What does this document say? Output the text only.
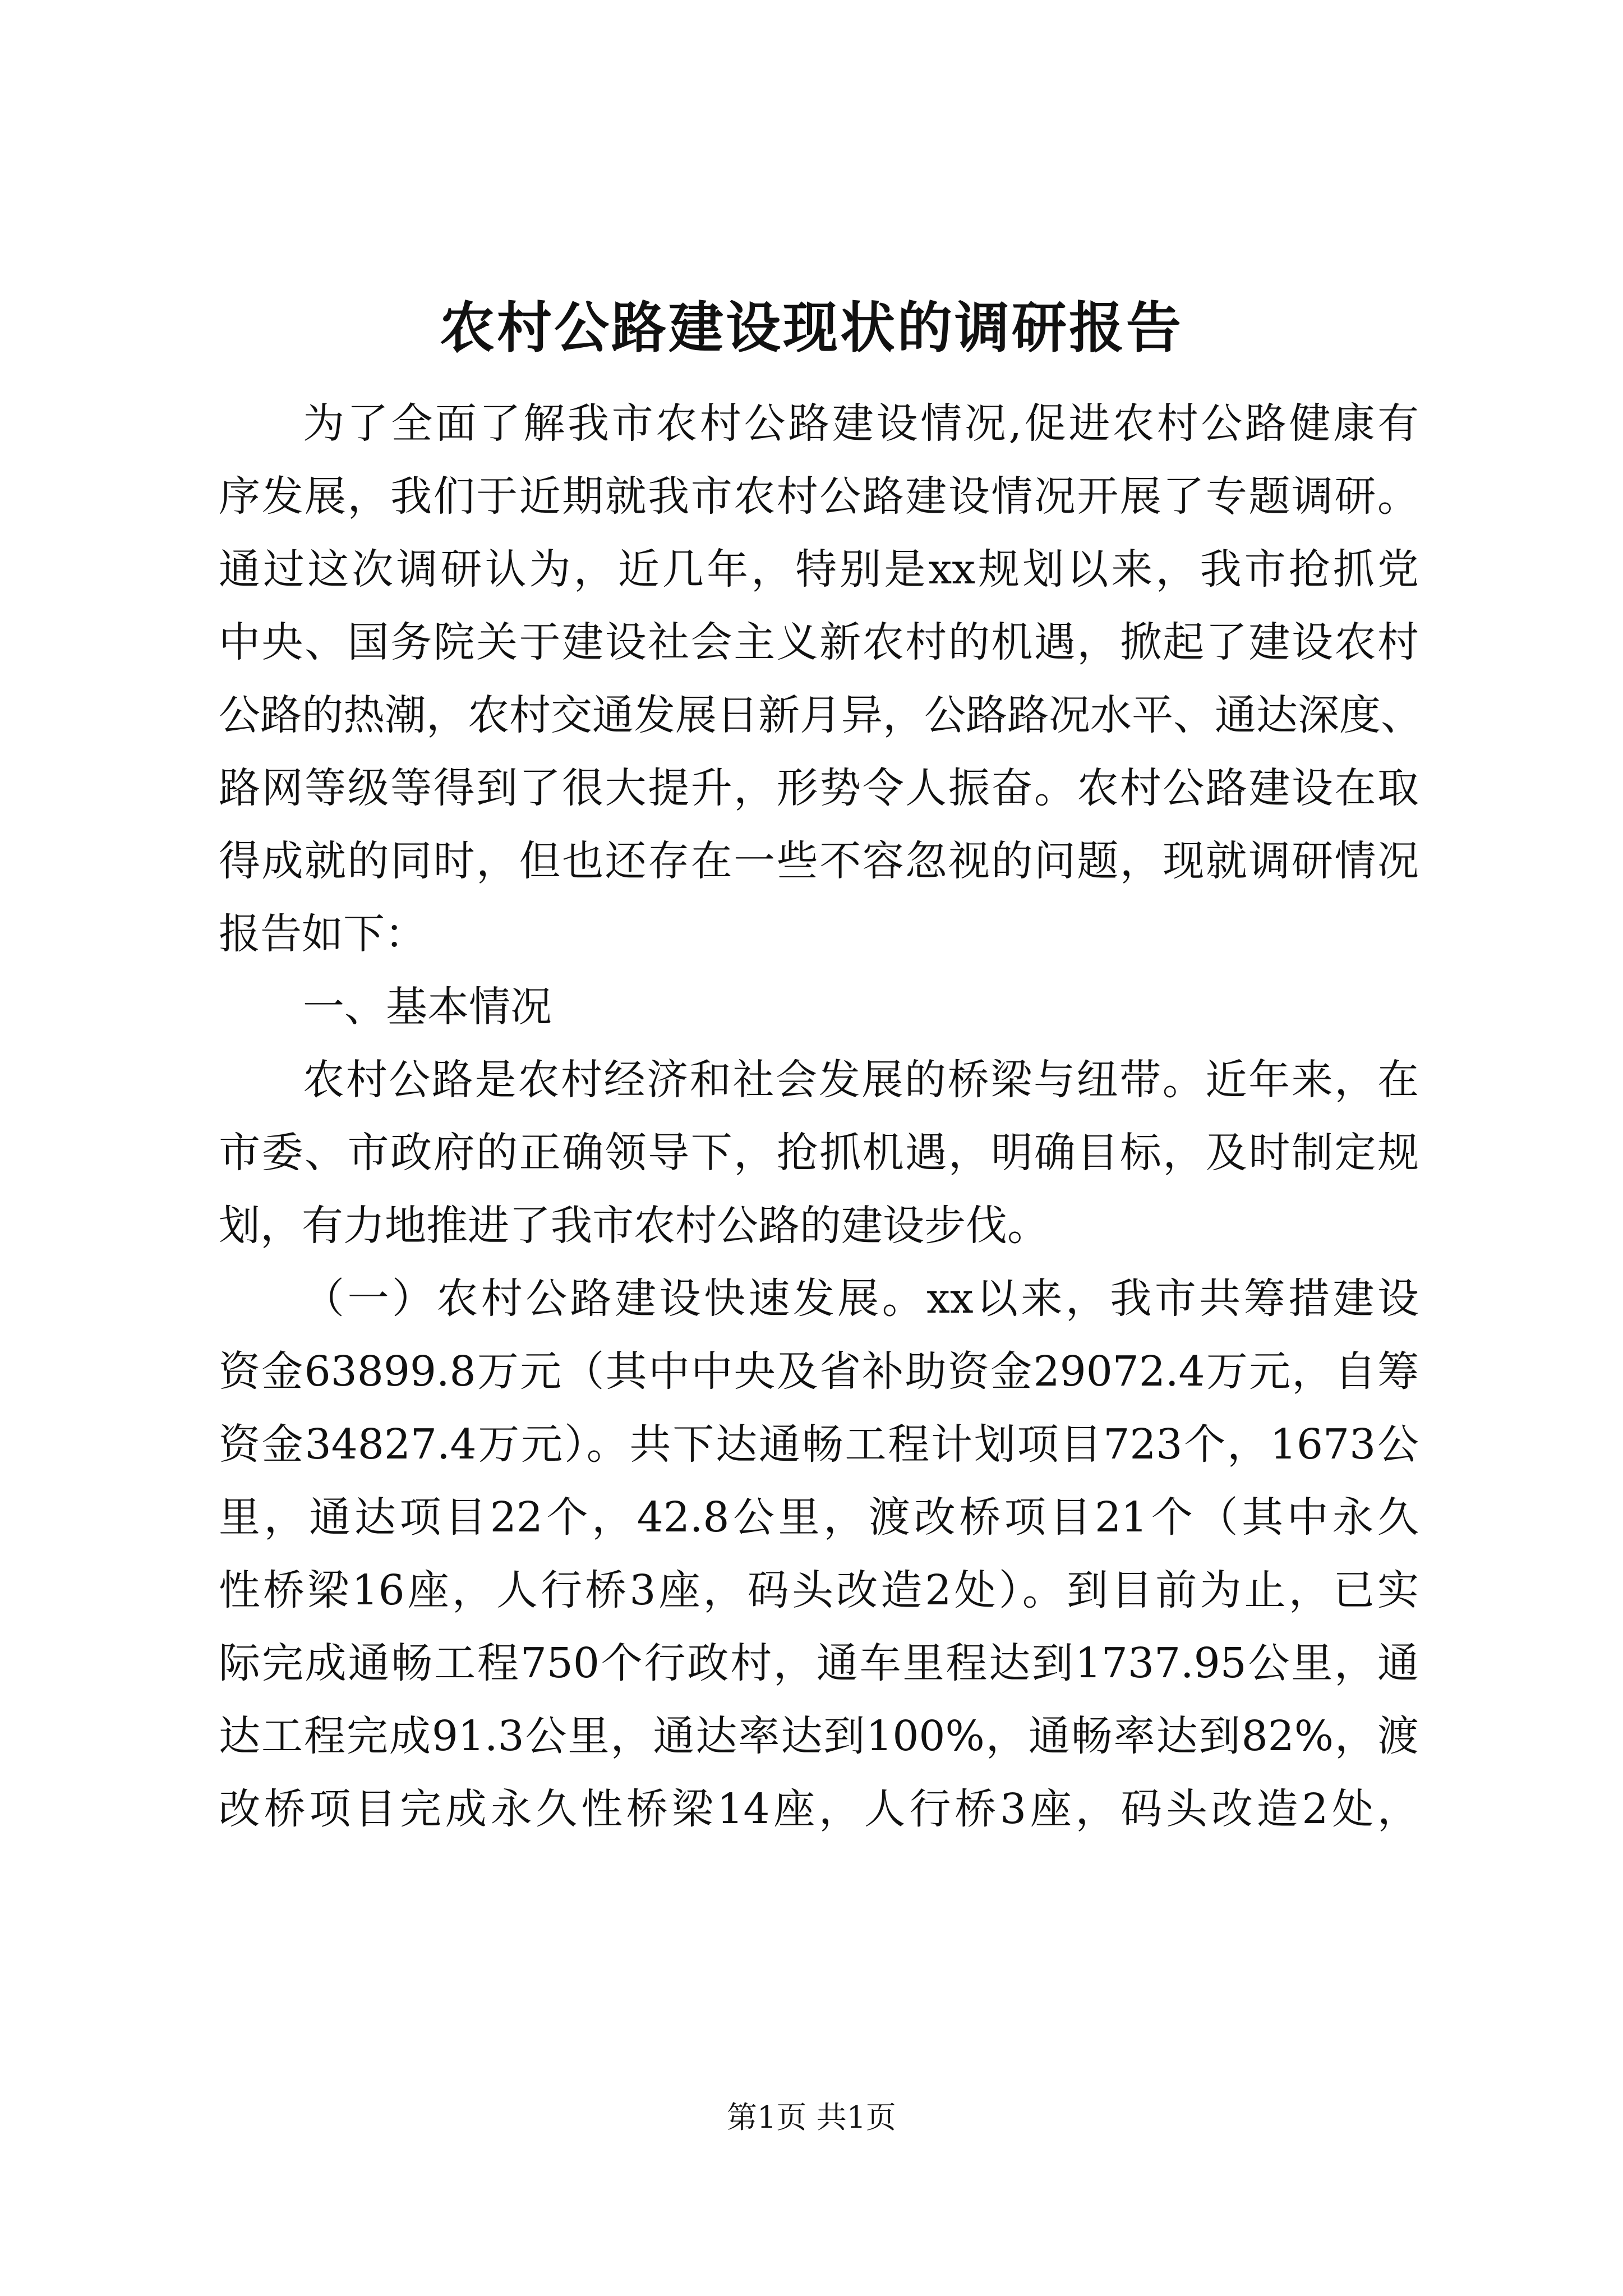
农村公路建设现状的调研报告
为了全面了解我市农村公路建设情况,促进农村公路健康有
序发展，我们于近期就我市农村公路建设情况开展了专题调研。
通过这次调研认为，近几年，特别是xx规划以来，我市抢抓党
中央、国务院关于建设社会主义新农村的机遇，掀起了建设农村
公路的热潮，农村交通发展日新月异，公路路况水平、通达深度、
路网等级等得到了很大提升，形势令人振奋。农村公路建设在取
得成就的同时，但也还存在一些不容忽视的问题，现就调研情况
报告如下：
一、基本情况
农村公路是农村经济和社会发展的桥梁与纽带。近年来，在
市委、市政府的正确领导下，抢抓机遇，明确目标，及时制定规
划，有力地推进了我市农村公路的建设步伐。
（一）农村公路建设快速发展。xx以来，我市共筹措建设
资金63899.8万元（其中中央及省补助资金29072.4万元，自筹
资金34827.4万元）。共下达通畅工程计划项目723个，1673公
里，通达项目22个，42.8公里，渡改桥项目21个（其中永久
性桥梁16座，人行桥3座，码头改造2处）。到目前为止，已实
际完成通畅工程750个行政村，通车里程达到1737.95公里，通
达工程完成91.3公里，通达率达到100%，通畅率达到82%，渡
改桥项目完成永久性桥梁14座，人行桥3座，码头改造2处，
第1页 共1页
